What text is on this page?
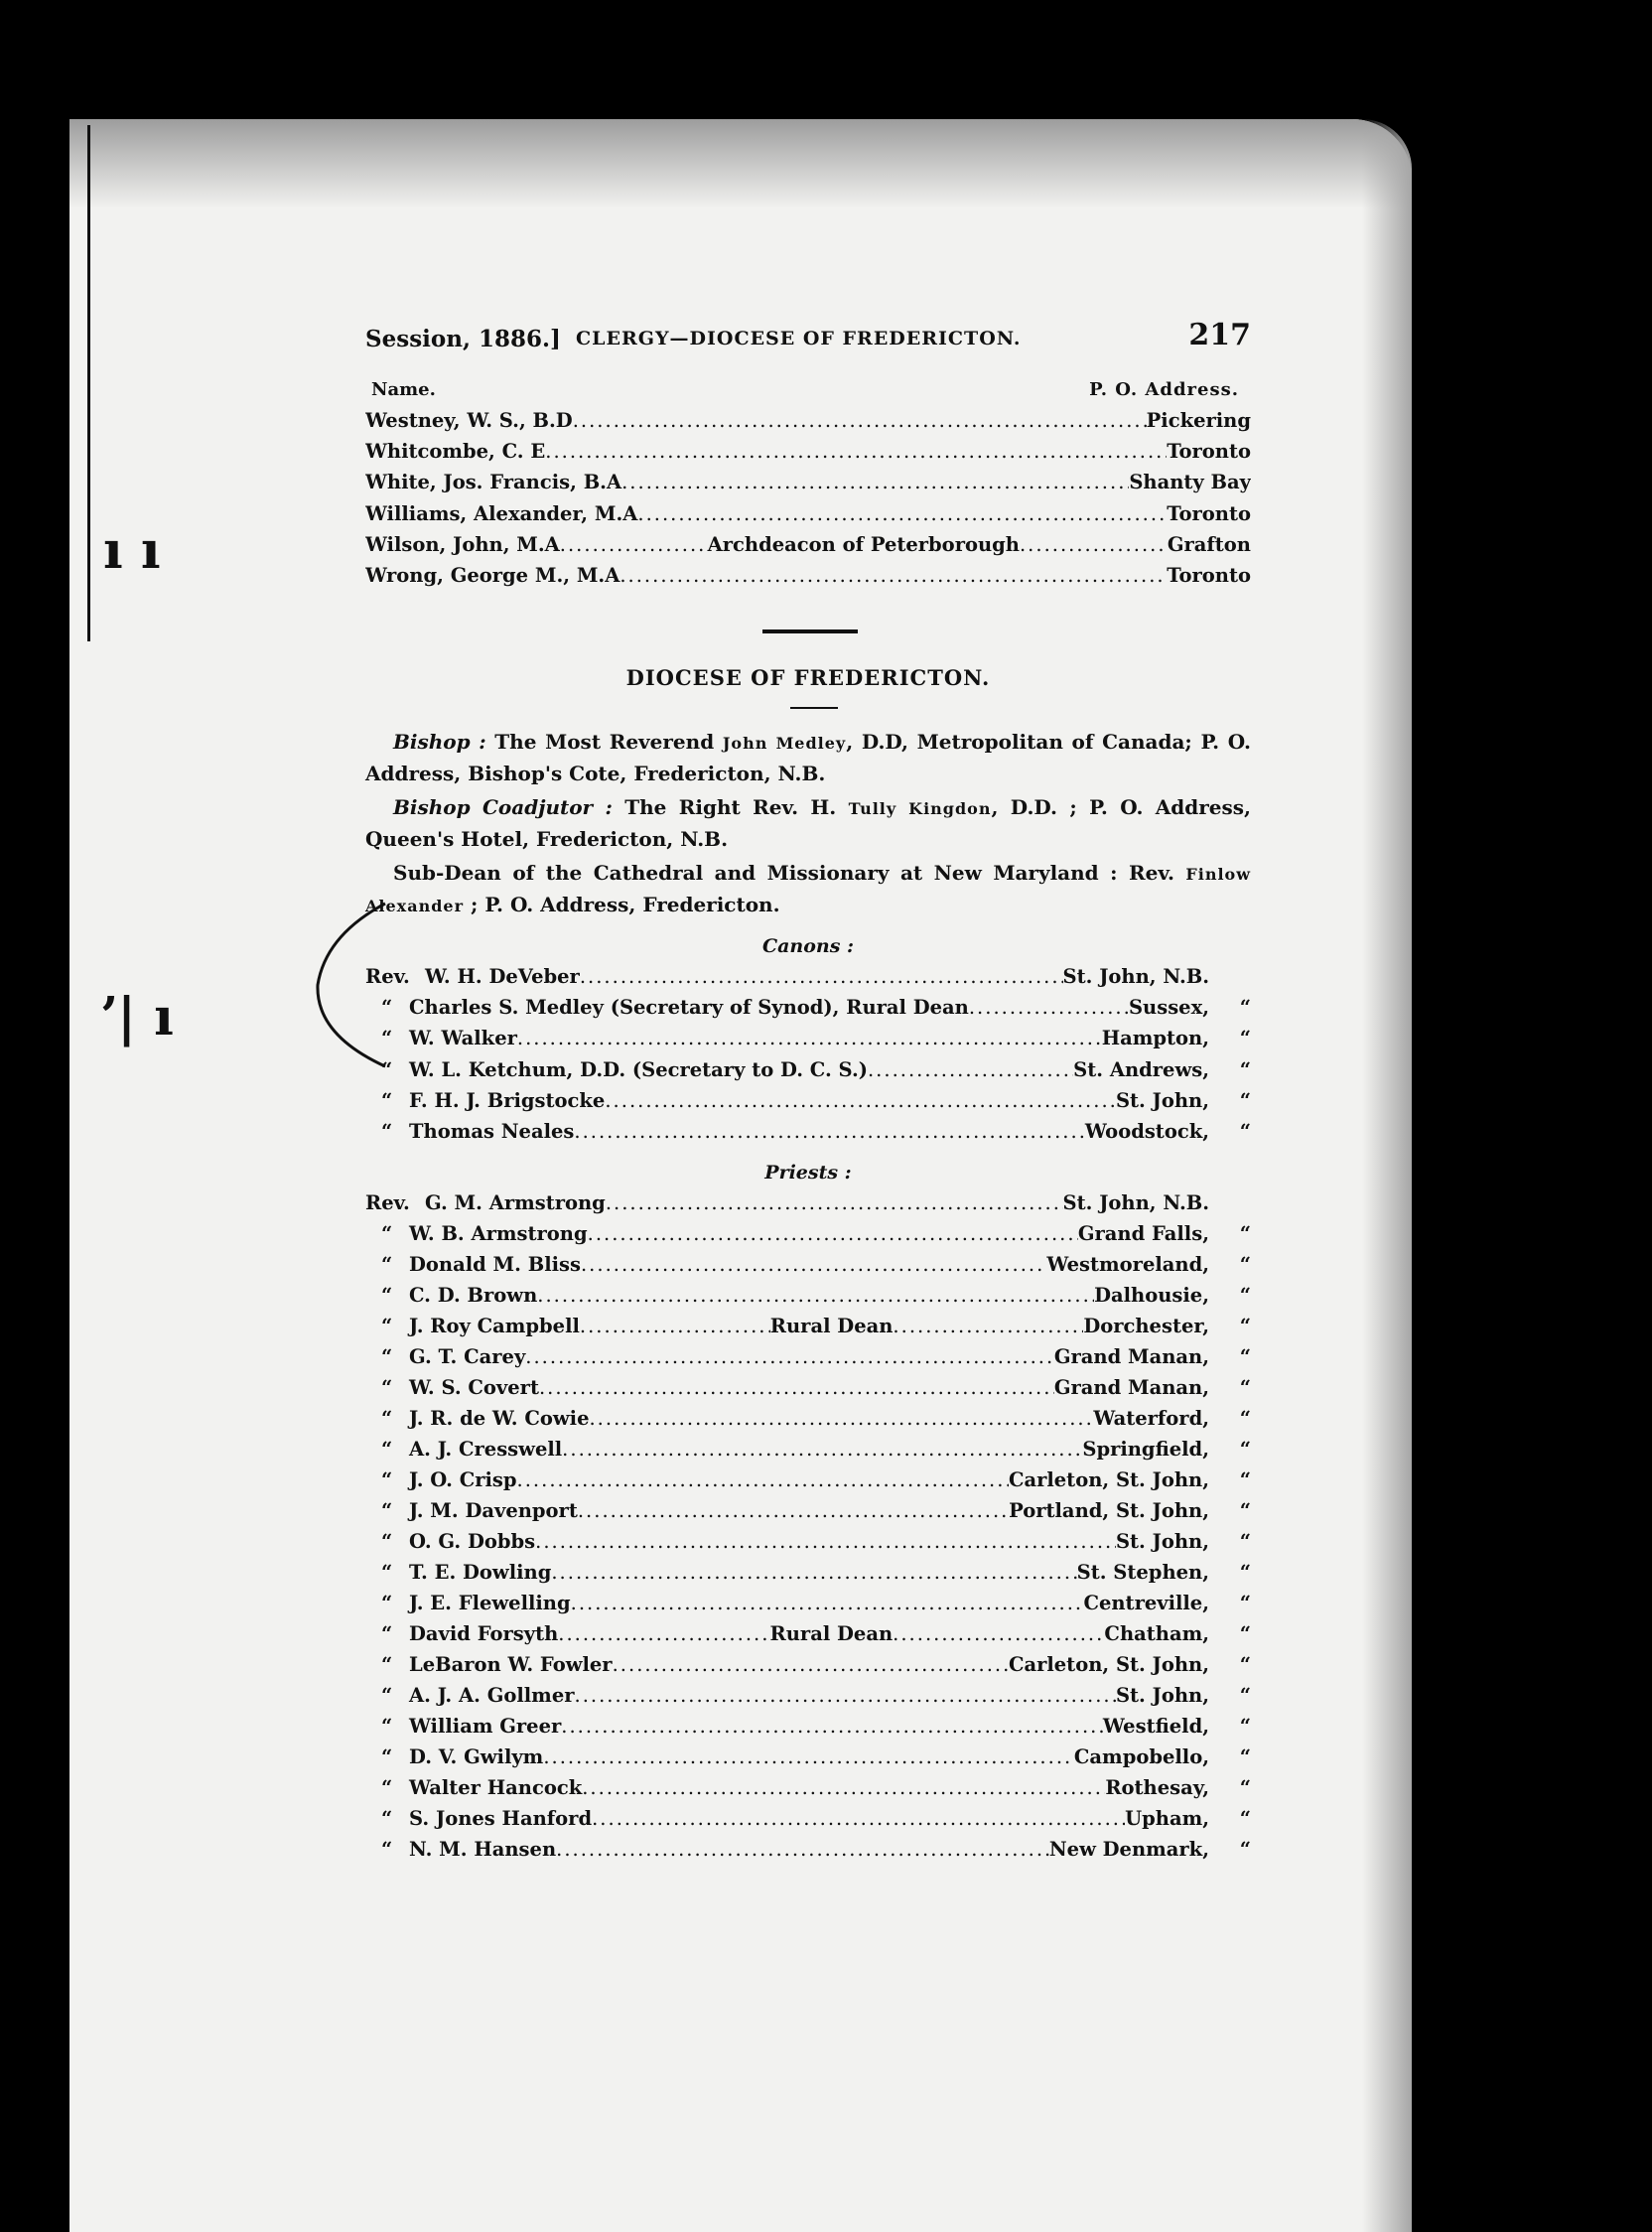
ı ı
ʼ| ı
Session, 1886.] CLERGY—DIOCESE OF FREDERICTON.	217
Name.	P. O. Address.
Westney, W. S., B.D .....	Pickering
Whitcombe, C. E .....	Toronto
White, Jos. Francis, B.A .....	Shanty Bay
Williams, Alexander, M.A .....	Toronto
Wilson, John, M.A .....	Archdeacon of Peterborough .....	Grafton
Wrong, George M., M.A .....	Toronto
DIOCESE OF FREDERICTON.
Bishop : The Most Reverend John Medley, D.D, Metropolitan of Canada; P. O. Address, Bishop's Cote, Fredericton, N.B.
Bishop Coadjutor : The Right Rev. H. Tully Kingdon, D.D. ; P. O. Address, Queen's Hotel, Fredericton, N.B.
Sub-Dean of the Cathedral and Missionary at New Maryland : Rev. Finlow Alexander ; P. O. Address, Fredericton.
Canons :
Rev. W. H. DeVeber .....	St. John, N.B.
“ Charles S. Medley (Secretary of Synod), Rural Dean .....	Sussex,	“
“ W. Walker .....	Hampton,	“
“ W. L. Ketchum, D.D. (Secretary to D. C. S.) .....	St. Andrews,	“
“ F. H. J. Brigstocke .....	St. John,	“
“ Thomas Neales .....	Woodstock,	“
Priests :
Rev. G. M. Armstrong .....	St. John, N.B.
“ W. B. Armstrong .....	Grand Falls,	“
“ Donald M. Bliss .....	Westmoreland,	“
“ C. D. Brown .....	Dalhousie,	“
“ J. Roy Campbell .....	Rural Dean .....	Dorchester,	“
“ G. T. Carey .....	Grand Manan,	“
“ W. S. Covert .....	Grand Manan,	“
“ J. R. de W. Cowie .....	Waterford,	“
“ A. J. Cresswell .....	Springfield,	“
“ J. O. Crisp .....	Carleton, St. John,	“
“ J. M. Davenport .....	Portland, St. John,	“
“ O. G. Dobbs .....	St. John,	“
“ T. E. Dowling .....	St. Stephen,	“
“ J. E. Flewelling .....	Centreville,	“
“ David Forsyth .....	Rural Dean .....	Chatham,	“
“ LeBaron W. Fowler .....	Carleton, St. John,	“
“ A. J. A. Gollmer .....	St. John,	“
“ William Greer .....	Westfield,	“
“ D. V. Gwilym .....	Campobello,	“
“ Walter Hancock .....	Rothesay,	“
“ S. Jones Hanford .....	Upham,	“
“ N. M. Hansen .....	New Denmark,	“
